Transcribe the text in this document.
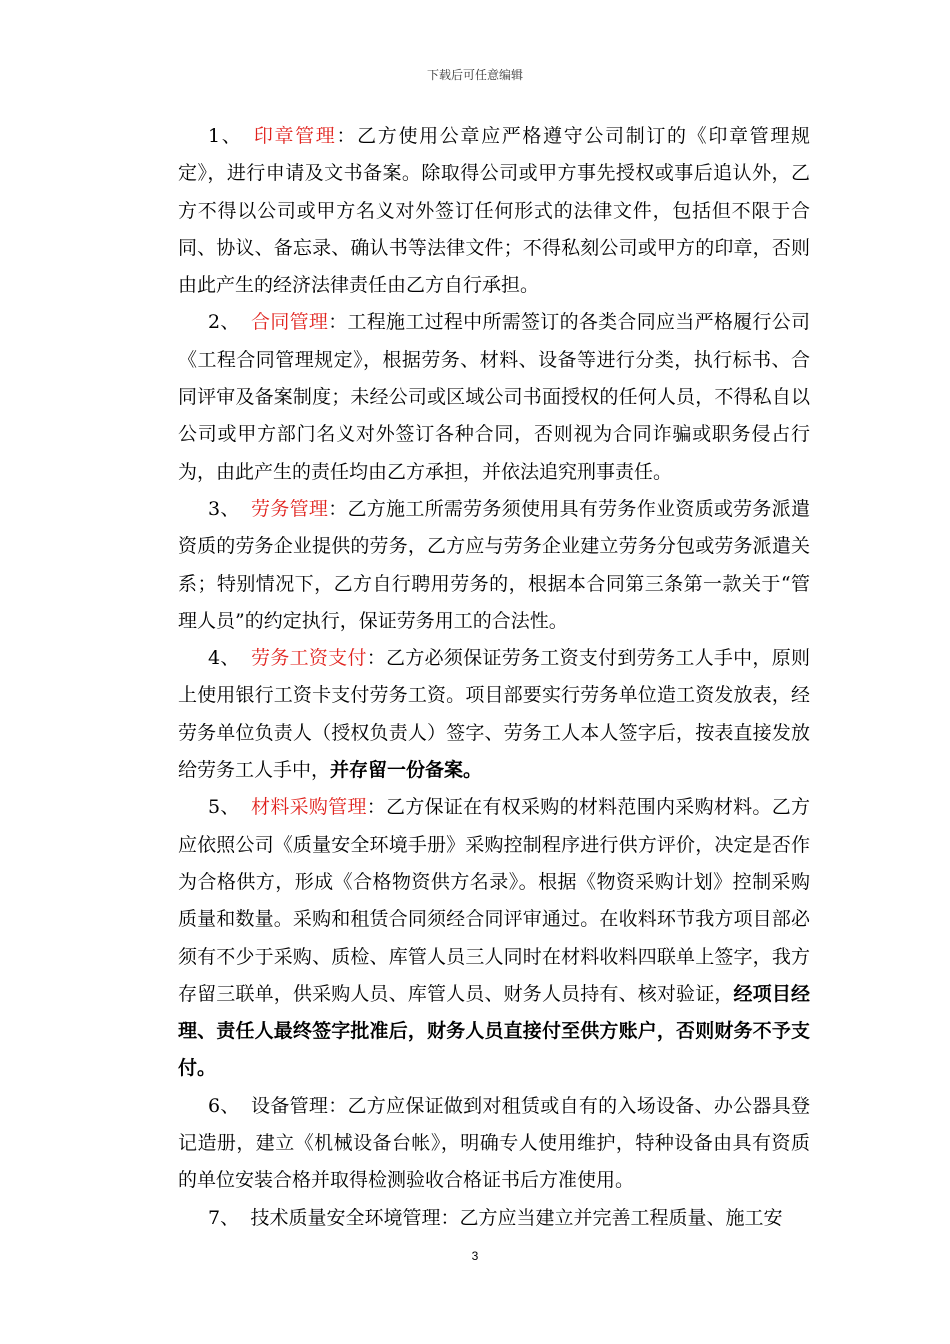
下载后可任意编辑

1、 印章管理：乙方使用公章应严格遵守公司制订的《印章管理规定》，进行申请及文书备案。除取得公司或甲方事先授权或事后追认外，乙方不得以公司或甲方名义对外签订任何形式的法律文件，包括但不限于合同、协议、备忘录、确认书等法律文件；不得私刻公司或甲方的印章，否则由此产生的经济法律责任由乙方自行承担。

2、 合同管理：工程施工过程中所需签订的各类合同应当严格履行公司《工程合同管理规定》，根据劳务、材料、设备等进行分类，执行标书、合同评审及备案制度；未经公司或区域公司书面授权的任何人员，不得私自以公司或甲方部门名义对外签订各种合同，否则视为合同诈骗或职务侵占行为，由此产生的责任均由乙方承担，并依法追究刑事责任。

3、 劳务管理：乙方施工所需劳务须使用具有劳务作业资质或劳务派遣资质的劳务企业提供的劳务，乙方应与劳务企业建立劳务分包或劳务派遣关系；特别情况下，乙方自行聘用劳务的，根据本合同第三条第一款关于“管理人员”的约定执行，保证劳务用工的合法性。

4、 劳务工资支付：乙方必须保证劳务工资支付到劳务工人手中，原则上使用银行工资卡支付劳务工资。项目部要实行劳务单位造工资发放表，经劳务单位负责人（授权负责人）签字、劳务工人本人签字后，按表直接发放给劳务工人手中，并存留一份备案。

5、 材料采购管理：乙方保证在有权采购的材料范围内采购材料。乙方应依照公司《质量安全环境手册》采购控制程序进行供方评价，决定是否作为合格供方，形成《合格物资供方名录》。根据《物资采购计划》控制采购质量和数量。采购和租赁合同须经合同评审通过。在收料环节我方项目部必须有不少于采购、质检、库管人员三人同时在材料收料四联单上签字，我方存留三联单，供采购人员、库管人员、财务人员持有、核对验证，经项目经理、责任人最终签字批准后，财务人员直接付至供方账户，否则财务不予支付。

6、 设备管理：乙方应保证做到对租赁或自有的入场设备、办公器具登记造册，建立《机械设备台帐》，明确专人使用维护，特种设备由具有资质的单位安装合格并取得检测验收合格证书后方准使用。

7、 技术质量安全环境管理：乙方应当建立并完善工程质量、施工安

3
